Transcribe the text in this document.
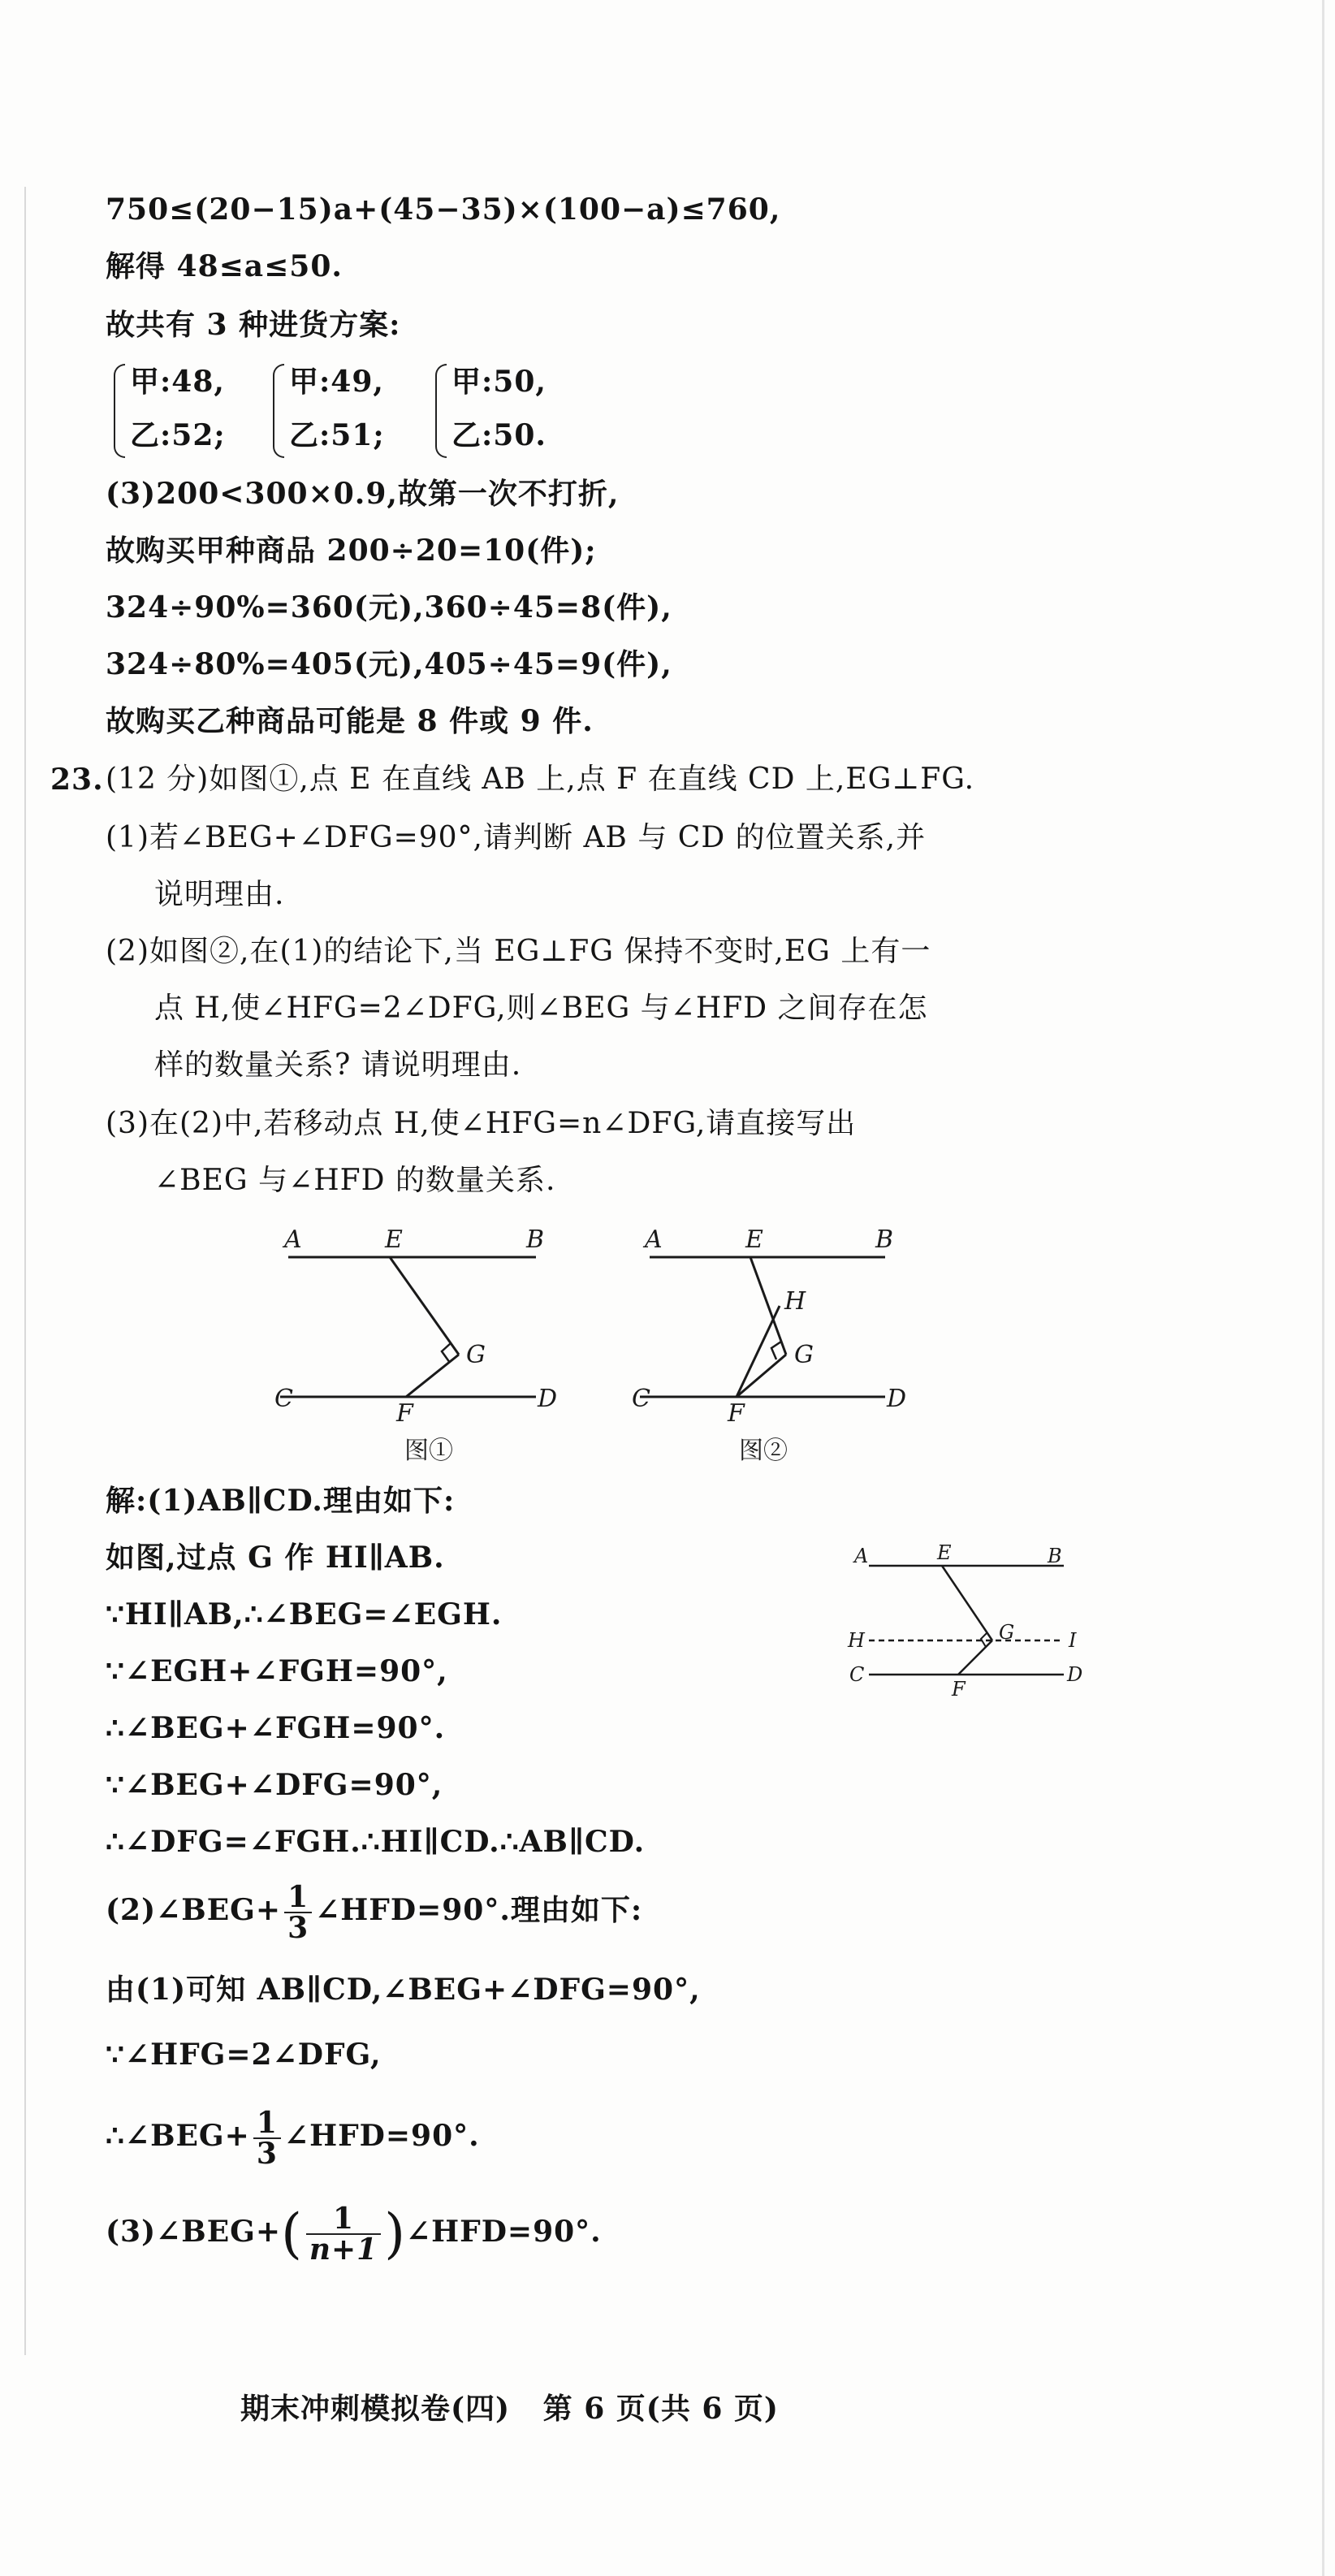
750≤(20−15)a+(45−35)×(100−a)≤760,
解得 48≤a≤50.
故共有 3 种进货方案:
甲:48,
乙:52;
甲:49,
乙:51;
甲:50,
乙:50.
(3)200<300×0.9,故第一次不打折,
故购买甲种商品 200÷20=10(件);
324÷90%=360(元),360÷45=8(件),
324÷80%=405(元),405÷45=9(件),
故购买乙种商品可能是 8 件或 9 件.
23. (12 分)如图①,点 E 在直线 AB 上,点 F 在直线 CD 上,EG⊥FG.
(1)若∠BEG+∠DFG=90°,请判断 AB 与 CD 的位置关系,并
说明理由.
(2)如图②,在(1)的结论下,当 EG⊥FG 保持不变时,EG 上有一
点 H,使∠HFG=2∠DFG,则∠BEG 与∠HFD 之间存在怎
样的数量关系? 请说明理由.
(3)在(2)中,若移动点 H,使∠HFG=n∠DFG,请直接写出
∠BEG 与∠HFD 的数量关系.
A	E	B
G
C
F
D
图①
A	E	B
H
G
C
F
D
图②
解:(1)AB∥CD.理由如下:
如图,过点 G 作 HI∥AB.
∵HI∥AB,∴∠BEG=∠EGH.
∵∠EGH+∠FGH=90°,
∴∠BEG+∠FGH=90°.
∵∠BEG+∠DFG=90°,
∴∠DFG=∠FGH.∴HI∥CD.∴AB∥CD.
A	E	B
H	G	I
C
F
D
(2)∠BEG+ $\frac{1}{3}$ ∠HFD=90°.理由如下:
由(1)可知 AB∥CD,∠BEG+∠DFG=90°,
∵∠HFG=2∠DFG,
∴∠BEG+ $\frac{1}{3}$ ∠HFD=90°.
(3)∠BEG+( $\frac{1}{n+1}$ )∠HFD=90°.
期末冲刺模拟卷(四)   第 6 页(共 6 页)
